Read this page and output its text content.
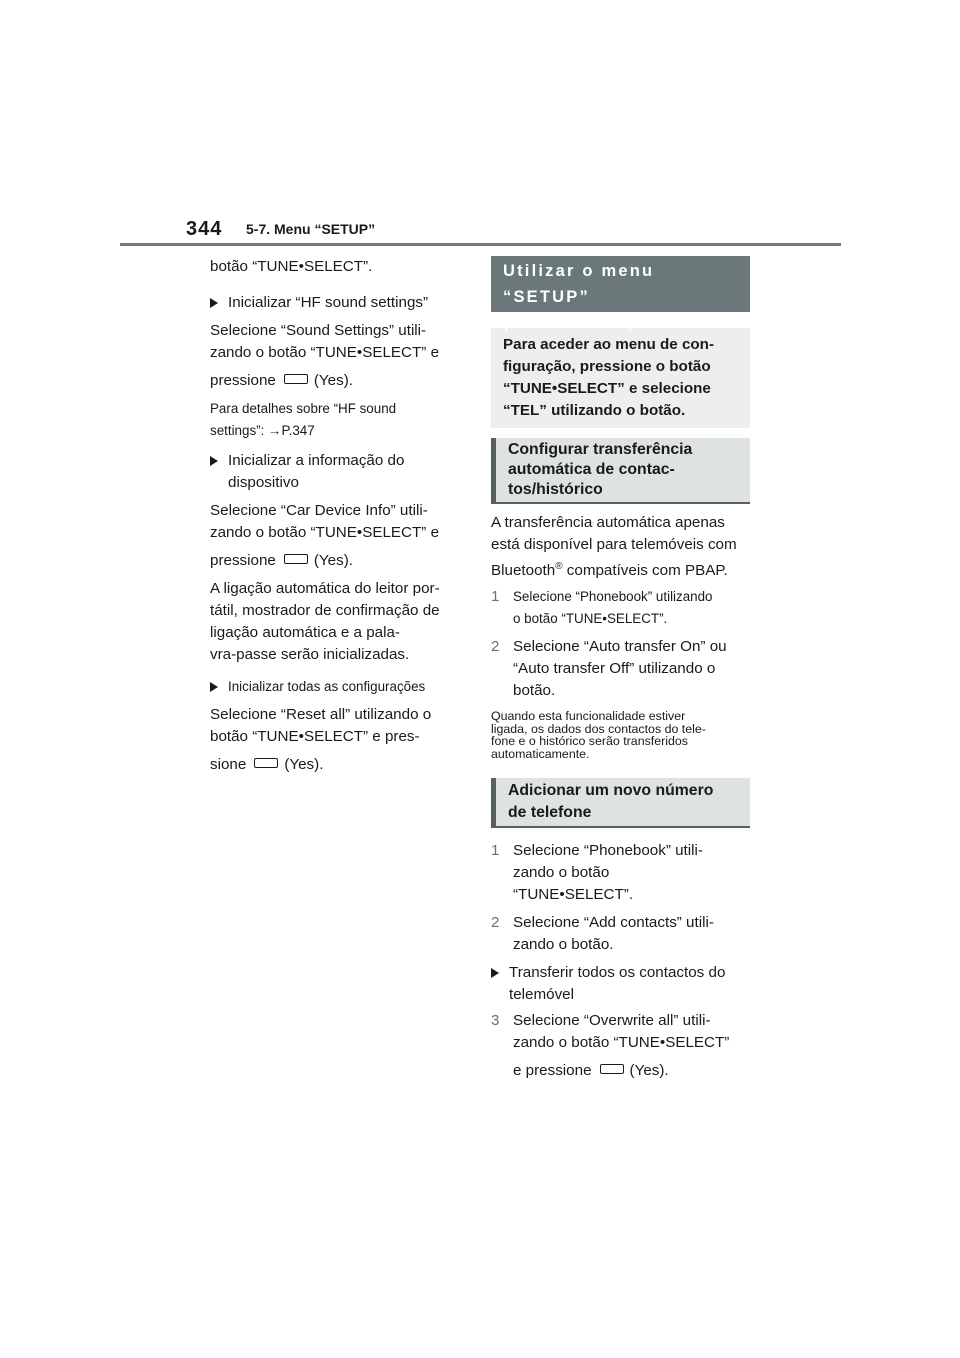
344 5-7. Menu “SETUP”

botão “TUNE•SELECT”.

Inicializar “HF sound settings”

Selecione “Sound Settings” utili-
zando o botão “TUNE•SELECT” e

pressione	(Yes).

Para detalhes sobre “HF sound
settings”: →P.347

Inicializar a informação do
dispositivo

Selecione “Car Device Info” utili-
zando o botão “TUNE•SELECT” e

pressione	(Yes).

A ligação automática do leitor por-
tátil, mostrador de confirmação de
ligação automática e a pala-
vra-passe serão inicializadas.

Inicializar todas as configurações

Selecione “Reset all” utilizando o
botão “TUNE•SELECT” e pres-

sione	(Yes).

Utilizar o menu “SETUP”
(Menu “TEL”)
Para aceder ao menu de con-
figuração, pressione o botão
“TUNE•SELECT” e selecione
“TEL” utilizando o botão.
Configurar transferência
automática de contac-
tos/histórico

A transferência automática apenas
está disponível para telemóveis com
Bluetooth® compatíveis com PBAP.

1	Selecione “Phonebook” utilizando
o botão “TUNE•SELECT”.
2 Selecione “Auto transfer On” ou
“Auto transfer Off” utilizando o
botão.

Quando esta funcionalidade estiver
ligada, os dados dos contactos do tele-
fone e o histórico serão transferidos
automaticamente.

Adicionar um novo número
de telefone
1 Selecione “Phonebook” utili-
zando o botão
“TUNE•SELECT”.
2 Selecione “Add contacts” utili-
zando o botão.
Transferir todos os contactos do
telemóvel
3 Selecione “Overwrite all” utili-
zando o botão “TUNE•SELECT”
e pressione	(Yes).
